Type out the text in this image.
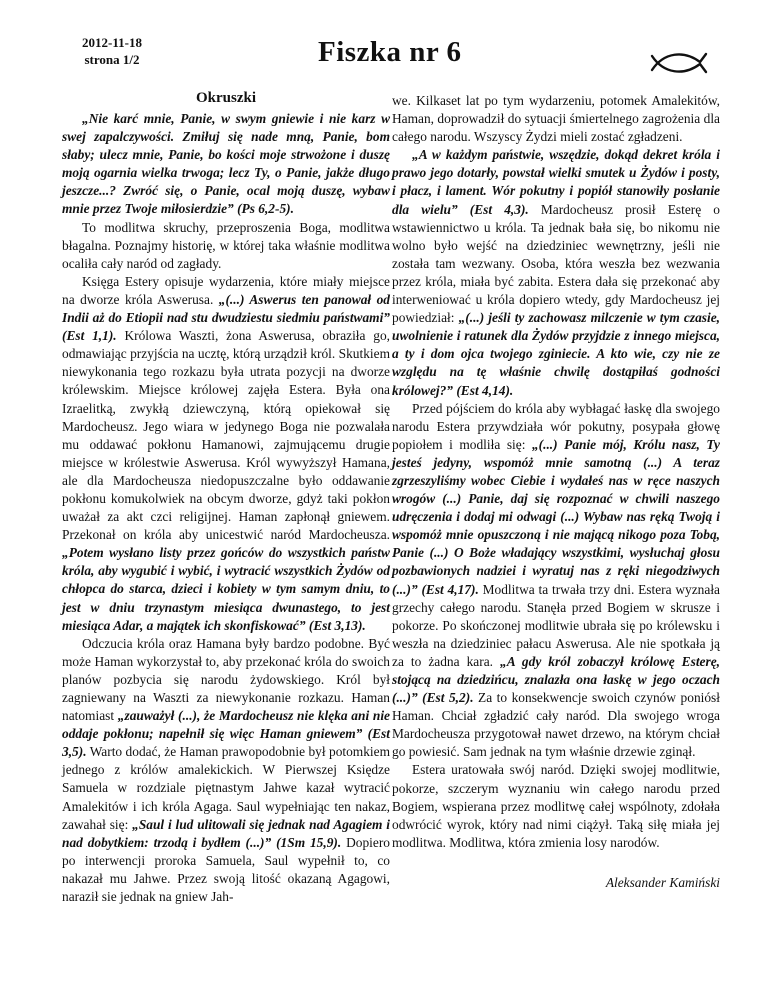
2012-11-18
strona 1/2	Fiszka nr 6
Okruszki

„Nie karć mnie, Panie, w swym gniewie i nie karz w swej zapalczywości. Zmiłuj się nade mną, Panie, bom słaby; ulecz mnie, Panie, bo kości moje strwożone i duszę moją ogarnia wielka trwoga; lecz Ty, o Panie, jakże długo jeszcze...? Zwróć się, o Panie, ocal moją duszę, wybaw mnie przez Twoje miłosierdzie” (Ps 6,2-5).

To modlitwa skruchy, przeproszenia Boga, modlitwa błagalna. Poznajmy historię, w której taka właśnie modlitwa ocaliła cały naród od zagłady.

Księga Estery opisuje wydarzenia, które miały miejsce na dworze króla Aswerusa. „(...) Aswerus ten panował od Indii aż do Etiopii nad stu dwudziestu siedmiu państwami” (Est 1,1). Królowa Waszti, żona Aswerusa, obraziła go, odmawiając przyjścia na ucztę, którą urządził król. Skutkiem niewykonania tego rozkazu była utrata pozycji na dworze królewskim. Miejsce królowej zajęła Estera. Była ona Izraelitką, zwykłą dziewczyną, którą opiekował się Mardocheusz. Jego wiara w jedynego Boga nie pozwalała mu oddawać pokłonu Hamanowi, zajmującemu drugie miejsce w królestwie Aswerusa. Król wywyższył Hamana, ale dla Mardocheusza niedopuszczalne było oddawanie pokłonu komukolwiek na obcym dworze, gdyż taki pokłon uważał za akt czci religijnej. Haman zapłonął gniewem. Przekonał on króla aby unicestwić naród Mardocheusza. „Potem wysłano listy przez gońców do wszystkich państw króla, aby wygubić i wybić, i wytracić wszystkich Żydów od chłopca do starca, dzieci i kobiety w tym samym dniu, to jest w dniu trzynastym miesiąca dwunastego, to jest miesiąca Adar, a majątek ich skonfiskować” (Est 3,13).

Odczucia króla oraz Hamana były bardzo podobne. Być może Haman wykorzystał to, aby przekonać króla do swoich planów pozbycia się narodu żydowskiego. Król był zagniewany na Waszti za niewykonanie rozkazu. Haman natomiast „zauważył (...), że Mardocheusz nie klęka ani nie oddaje pokłonu; napełnił się więc Haman gniewem” (Est 3,5). Warto dodać, że Haman prawopodobnie był potomkiem jednego z królów amalekickich. W Pierwszej Księdze Samuela w rozdziale piętnastym Jahwe kazał wytracić Amalekitów i ich króla Agaga. Saul wypełniając ten nakaz, zawahał się: „Saul i lud ulitowali się jednak nad Agagiem i nad dobytkiem: trzodą i bydłem (...)” (1Sm 15,9). Dopiero po interwencji proroka Samuela, Saul wypełnił to, co nakazał mu Jahwe. Przez swoją litość okazaną Agagowi, naraził sie jednak na gniew Jah-

we. Kilkaset lat po tym wydarzeniu, potomek Amalekitów, Haman, doprowadził do sytuacji śmiertelnego zagrożenia dla całego narodu. Wszyscy Żydzi mieli zostać zgładzeni.

„A w każdym państwie, wszędzie, dokąd dekret króla i prawo jego dotarły, powstał wielki smutek u Żydów i posty, i płacz, i lament. Wór pokutny i popiół stanowiły posłanie dla wielu” (Est 4,3). Mardocheusz prosił Esterę o wstawiennictwo u króla. Ta jednak bała się, bo nikomu nie wolno było wejść na dziedziniec wewnętrzny, jeśli nie została tam wezwany. Osoba, która weszła bez wezwania przez króla, miała być zabita. Estera dała się przekonać aby interweniować u króla dopiero wtedy, gdy Mardocheusz jej powiedział: „(...) jeśli ty zachowasz milczenie w tym czasie, uwolnienie i ratunek dla Żydów przyjdzie z innego miejsca, a ty i dom ojca twojego zginiecie. A kto wie, czy nie ze względu na tę właśnie chwilę dostąpiłaś godności królowej?” (Est 4,14).

Przed pójściem do króla aby wybłagać łaskę dla swojego narodu Estera przywdziała wór pokutny, posypała głowę popiołem i modliła się: „(...) Panie mój, Królu nasz, Ty jesteś jedyny, wspomóż mnie samotną (...) A teraz zgrzeszyliśmy wobec Ciebie i wydałeś nas w ręce naszych wrogów (...) Panie, daj się rozpoznać w chwili naszego udręczenia i dodaj mi odwagi (...) Wybaw nas ręką Twoją i wspomóż mnie opuszczoną i nie mającą nikogo poza Tobą, Panie (...) O Boże władający wszystkimi, wysłuchaj głosu pozbawionych nadziei i wyratuj nas z ręki niegodziwych (...)” (Est 4,17). Modlitwa ta trwała trzy dni. Estera wyznała grzechy całego narodu. Stanęła przed Bogiem w skrusze i pokorze. Po skończonej modlitwie ubrała się po królewsku i weszła na dziedziniec pałacu Aswerusa. Ale nie spotkała ją za to żadna kara. „A gdy król zobaczył królowę Esterę, stojącą na dziedzińcu, znalazła ona łaskę w jego oczach (...)” (Est 5,2). Za to konsekwencje swoich czynów poniósł Haman. Chciał zgładzić cały naród. Dla swojego wroga Mardocheusza przygotował nawet drzewo, na którym chciał go powiesić. Sam jednak na tym właśnie drzewie zginął.

Estera uratowała swój naród. Dzięki swojej modlitwie, pokorze, szczerym wyznaniu win całego narodu przed Bogiem, wspierana przez modlitwę całej wspólnoty, zdołała odwrócić wyrok, który nad nimi ciążył. Taką siłę miała jej modlitwa. Modlitwa, która zmienia losy narodów.

Aleksander Kamiński
